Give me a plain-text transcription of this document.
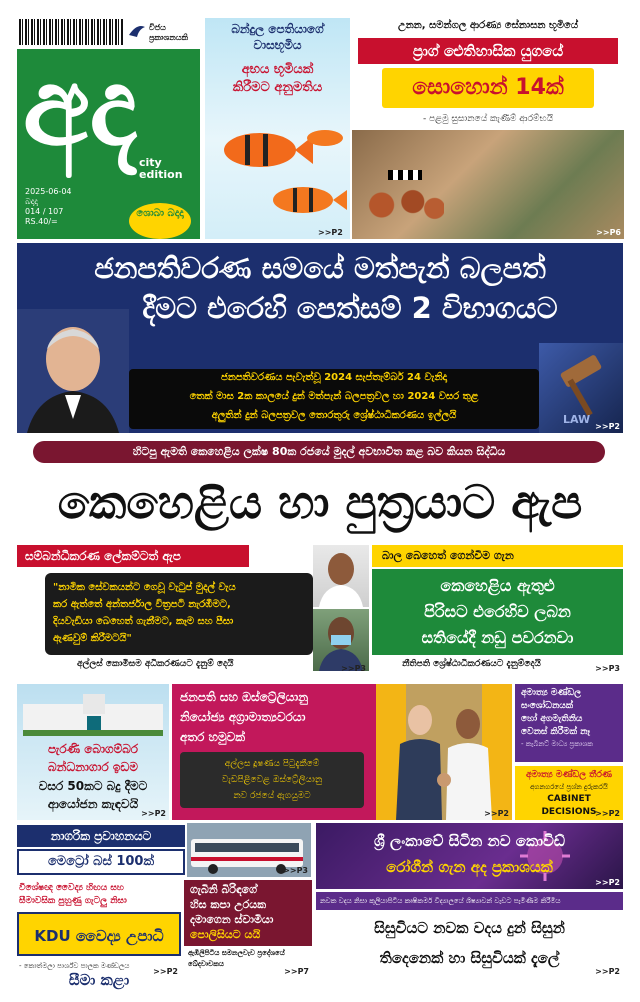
විජය ප්‍රකාශනයකි
අද city edition
2025-06-04
බදාදා
014 / 107
RS.40/=
ශොබා බදාදා
බන්දුල පෙතියාගේ
වාසභූමිය
අභය භූමියක්
කිරීමට අනුමතිය
උනන, සමන්ගල ආරණ්‍ය සේනාසන භූමියේ
ප්‍රාග් ඓතිහාසික යුගයේ
සොහොන් 14ක්
- පළමු සුසානයේ කැණීම් ආරම්භයි
>>P6
>>P2
ජනපතිවරණ සමයේ මත්පැන් බලපත්
දීමට එරෙහි පෙත්සම් 2 විභාගයට
ජනපතිවරණය පැවැත්වූ 2024 සැප්තැම්බර් 24 වැනිදා
තෙක් මාස 2ක කාලයේ දුන් මත්පැන් බලපත්‍රවල හා 2024 වසර තුළ
අලුතින් දුන් බලපත්‍රවල තොරතුරු ශ්‍රේෂ්ඨාධිකරණය ඉල්ලයි	LAW
>>P2
හිටපු ඇමති කෙහෙළිය ලක්ෂ 80ක රජයේ මුදල් අවභාවිත කළ බව කියන සිද්ධිය
කෙහෙළිය හා පුත්‍රයාට ඇප
සම්බන්ධීකරණ ලේකම්ටත් ඇප
"නාමික සේවකයන්ට ගෙවූ වැටුප් මුදල් වැය
කර ඇත්තේ අන්තර්ජාල විත්‍රපටි නැරඹීමට,
දියවැඩියා බෙහෙත් ගැනීමට, කෑම සහ පීසා
ඇණවුම් කිරීමටයි"
අල්ලස් කොමිසම අධිකරණයට දැනුම් දෙයි	>>P3
බාල බෙහෙත් ගෙන්වීම ගැන
කෙහෙළිය ඇතුළු
පිරිසට එරෙහිව ලබන
සතියේදී නඩු පවරනවා
නීතිපති ශ්‍රේෂ්ඨාධිකරණයට දැනුම්දෙයි	>>P3
පැරණි බොගම්බර
බන්ධනාගාර ඉඩම
වසර 50කට බදු දීමට
ආයෝජන කැඳවයි
>>P2
ජනපති සහ ඔස්ට්‍රේලියානු
නියෝජ්‍ය අග්‍රාමාත්‍යවරයා
අතර හමුවක්
අල්ලස දූෂණය පිටුදැකීමේ
වැඩපිළිවෙළ ඔස්ට්‍රේලියානු
නව රජයේ ඇගයුමට
>>P2
අමාත්‍ය මණ්ඩල
සංශෝධනයක්
හෝ අගමැතිනිය
වෙනස් කිරීමක් නෑ
- කැබිනට් මාධ්‍ය ප්‍රකාශක
අමාත්‍ය මණ්ඩල තීරණ
අගනගරයේ ප්‍රශ්න දුරුකරයි
CABINET DECISIONS
>>P2
නාගරික ප්‍රවාහනයට
මෙට්‍රෝ බස් 100ක්
>>P3
ශ්‍රී ලංකාවේ සිටින නව කොවිඩ්
රෝගීන් ගැන අද ප්‍රකාශයක්
>>P2
විශේෂඥ වෛද්‍ය හිඟය සහ
සීමාවසික පුහුණු ගැටලු නිසා
KDU වෛද්‍ය උපාධි සීමා කළා
- කොත්මලා පාර්ශ්ව පාලක මණ්ඩලය
>>P2
ගැබිනි බිරිඳගේ
හිස කපා උරයක
දමාගෙන ස්වාමියා
පොලිසියට යයි
ඇඹිලිපිටිය සමනලවැව ප්‍රදේශයේ
ඛේදවාචකය
>>P7
නවක වදය නිසා කුලියාපිටිය කෘෂිකර්ම විද්‍යාලයේ ශිෂ්‍යාවන් වැඩට පැමිණීම කිරීමිය
සිසුවියට නවක වදය දුන් සිසුන්
තිදෙනෙක් හා සිසුවියක් දැලේ
>>P2
